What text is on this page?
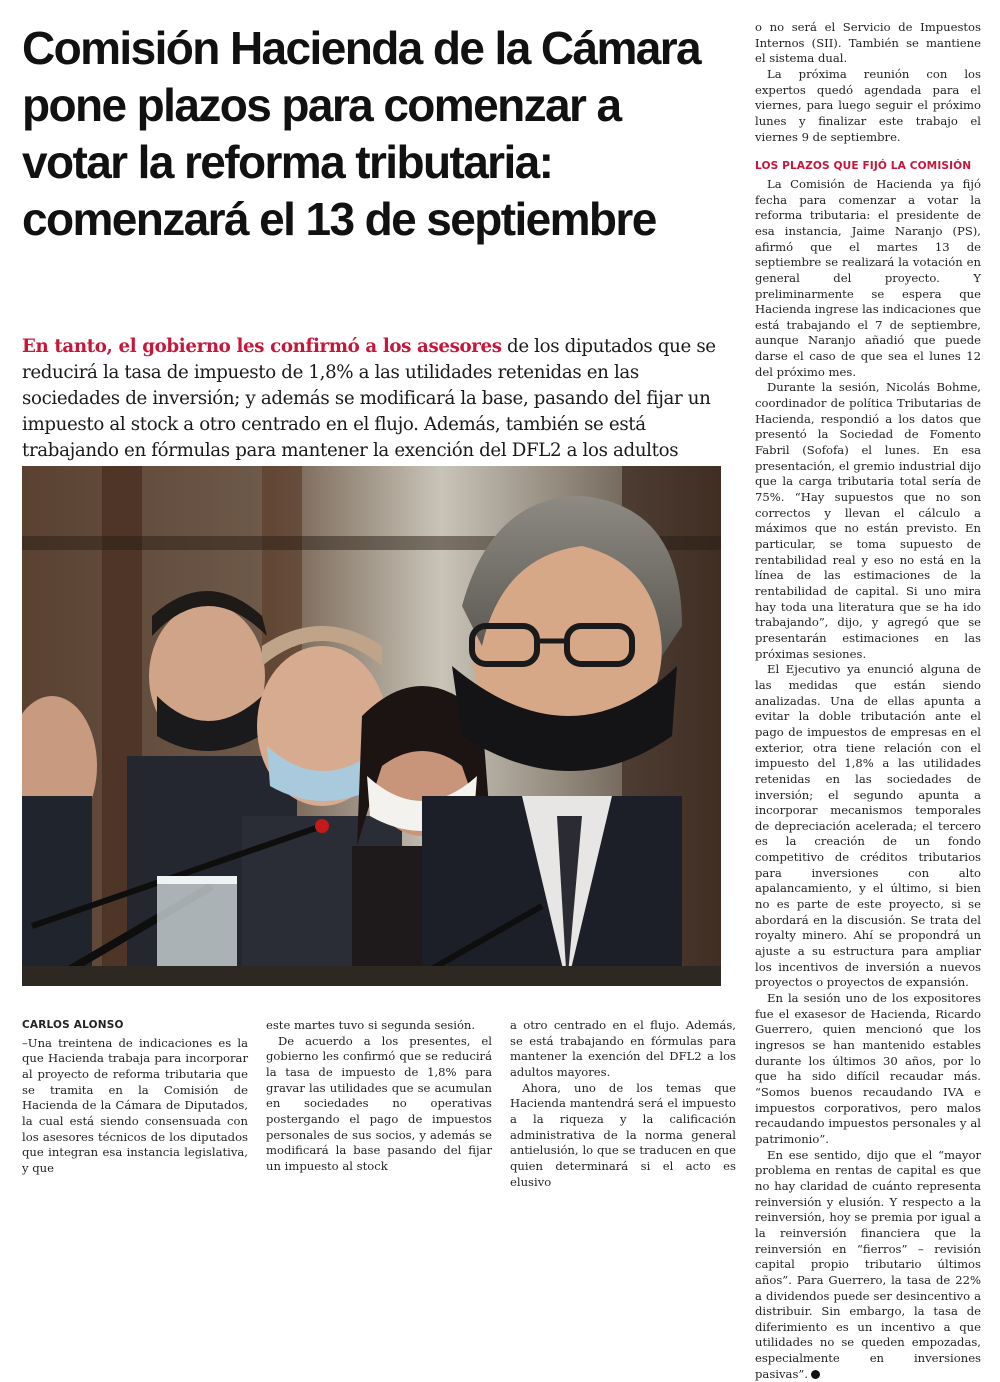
Comisión Hacienda de la Cámara pone plazos para comenzar a votar la reforma tributaria: comenzará el 13 de septiembre

En tanto, el gobierno les confirmó a los asesores de los diputados que se reducirá la tasa de impuesto de 1,8% a las utilidades retenidas en las sociedades de inversión; y además se modificará la base, pasando del fijar un impuesto al stock a otro centrado en el flujo. Además, también se está trabajando en fórmulas para mantener la exención del DFL2 a los adultos

CARLOS ALONSO

–Una treintena de indicaciones es la que Hacienda trabaja para incorporar al proyecto de reforma tributaria que se tramita en la Comisión de Hacienda de la Cámara de Diputados, la cual está siendo consensuada con los asesores técnicos de los diputados que integran esa instancia legislativa, y que

este martes tuvo si segunda sesión.

De acuerdo a los presentes, el gobierno les confirmó que se reducirá la tasa de impuesto de 1,8% para gravar las utilidades que se acumulan en sociedades no operativas postergando el pago de impuestos personales de sus socios, y además se modificará la base pasando del fijar un impuesto al stock

a otro centrado en el flujo. Además, se está trabajando en fórmulas para mantener la exención del DFL2 a los adultos mayores.

Ahora, uno de los temas que Hacienda mantendrá será el impuesto a la riqueza y la calificación administrativa de la norma general antielusión, lo que se traducen en que quien determinará si el acto es elusivo

o no será el Servicio de Impuestos Internos (SII). También se mantiene el sistema dual.

La próxima reunión con los expertos quedó agendada para el viernes, para luego seguir el próximo lunes y finalizar este trabajo el viernes 9 de septiembre.

LOS PLAZOS QUE FIJÓ LA COMISIÓN

La Comisión de Hacienda ya fijó fecha para comenzar a votar la reforma tributaria: el presidente de esa instancia, Jaime Naranjo (PS), afirmó que el martes 13 de septiembre se realizará la votación en general del proyecto. Y preliminarmente se espera que Hacienda ingrese las indicaciones que está trabajando el 7 de septiembre, aunque Naranjo añadió que puede darse el caso de que sea el lunes 12 del próximo mes.

Durante la sesión, Nicolás Bohme, coordinador de política Tributarias de Hacienda, respondió a los datos que presentó la Sociedad de Fomento Fabril (Sofofa) el lunes. En esa presentación, el gremio industrial dijo que la carga tributaria total sería de 75%. “Hay supuestos que no son correctos y llevan el cálculo a máximos que no están previsto. En particular, se toma supuesto de rentabilidad real y eso no está en la línea de las estimaciones de la rentabilidad de capital. Si uno mira hay toda una literatura que se ha ido trabajando”, dijo, y agregó que se presentarán estimaciones en las próximas sesiones.

El Ejecutivo ya enunció alguna de las medidas que están siendo analizadas. Una de ellas apunta a evitar la doble tributación ante el pago de impuestos de empresas en el exterior, otra tiene relación con el impuesto del 1,8% a las utilidades retenidas en las sociedades de inversión; el segundo apunta a incorporar mecanismos temporales de depreciación acelerada; el tercero es la creación de un fondo competitivo de créditos tributarios para inversiones con alto apalancamiento, y el último, si bien no es parte de este proyecto, si se abordará en la discusión. Se trata del royalty minero. Ahí se propondrá un ajuste a su estructura para ampliar los incentivos de inversión a nuevos proyectos o proyectos de expansión.

En la sesión uno de los expositores fue el exasesor de Hacienda, Ricardo Guerrero, quien mencionó que los ingresos se han mantenido estables durante los últimos 30 años, por lo que ha sido difícil recaudar más. “Somos buenos recaudando IVA e impuestos corporativos, pero malos recaudando impuestos personales y al patrimonio”.

En ese sentido, dijo que el “mayor problema en rentas de capital es que no hay claridad de cuánto representa reinversión y elusión. Y respecto a la reinversión, hoy se premia por igual a la reinversión financiera que la reinversión en “fierros” – revisión capital propio tributario últimos años”. Para Guerrero, la tasa de 22% a dividendos puede ser desincentivo a distribuir. Sin embargo, la tasa de diferimiento es un incentivo a que utilidades no se queden empozadas, especialmente en inversiones pasivas”.
